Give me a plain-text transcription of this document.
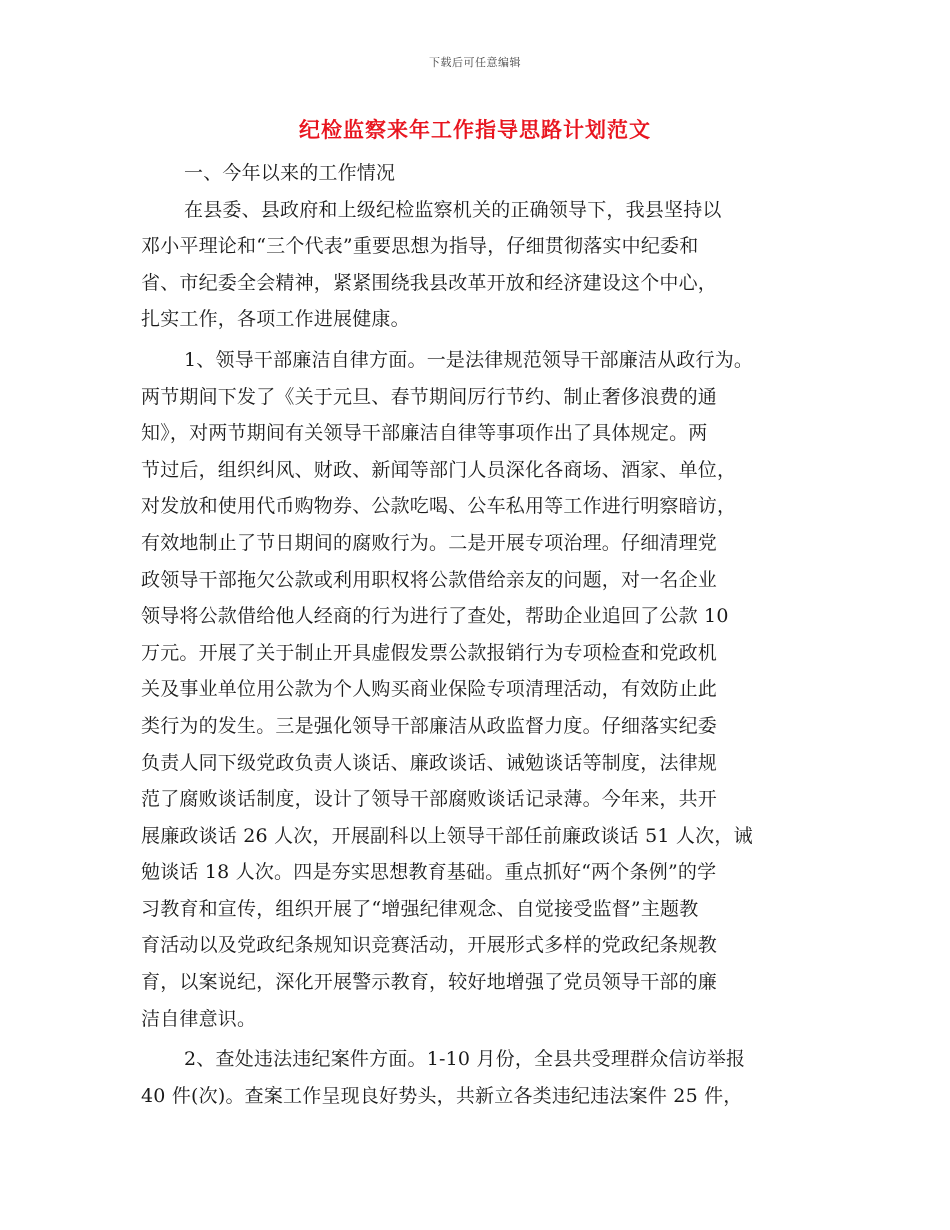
下载后可任意编辑
纪检监察来年工作指导思路计划范文
一、今年以来的工作情况
在县委、县政府和上级纪检监察机关的正确领导下，我县坚持以
邓小平理论和“三个代表”重要思想为指导，仔细贯彻落实中纪委和
省、市纪委全会精神，紧紧围绕我县改革开放和经济建设这个中心，
扎实工作，各项工作进展健康。
1、领导干部廉洁自律方面。一是法律规范领导干部廉洁从政行为。
两节期间下发了《关于元旦、春节期间厉行节约、制止奢侈浪费的通
知》，对两节期间有关领导干部廉洁自律等事项作出了具体规定。两
节过后，组织纠风、财政、新闻等部门人员深化各商场、酒家、单位，
对发放和使用代币购物券、公款吃喝、公车私用等工作进行明察暗访，
有效地制止了节日期间的腐败行为。二是开展专项治理。仔细清理党
政领导干部拖欠公款或利用职权将公款借给亲友的问题，对一名企业
领导将公款借给他人经商的行为进行了查处，帮助企业追回了公款 10
万元。开展了关于制止开具虚假发票公款报销行为专项检查和党政机
关及事业单位用公款为个人购买商业保险专项清理活动，有效防止此
类行为的发生。三是强化领导干部廉洁从政监督力度。仔细落实纪委
负责人同下级党政负责人谈话、廉政谈话、诫勉谈话等制度，法律规
范了腐败谈话制度，设计了领导干部腐败谈话记录薄。今年来，共开
展廉政谈话 26 人次，开展副科以上领导干部任前廉政谈话 51 人次，诫
勉谈话 18 人次。四是夯实思想教育基础。重点抓好“两个条例”的学
习教育和宣传，组织开展了“增强纪律观念、自觉接受监督”主题教
育活动以及党政纪条规知识竞赛活动，开展形式多样的党政纪条规教
育，以案说纪，深化开展警示教育，较好地增强了党员领导干部的廉
洁自律意识。
2、查处违法违纪案件方面。1-10 月份，全县共受理群众信访举报
40 件(次)。查案工作呈现良好势头，共新立各类违纪违法案件 25 件，
